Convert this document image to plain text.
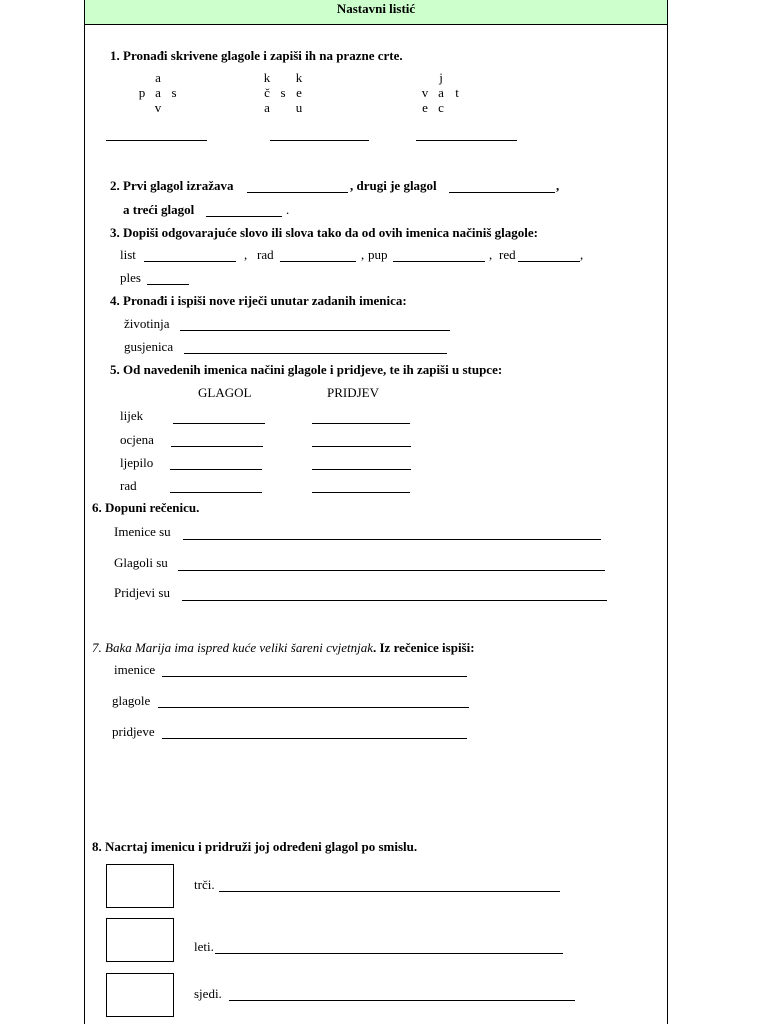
Nastavni listić
1. Pronađi skrivene glagole i zapiši ih na prazne crte.
a
p a s
v
k k
č s e
a u
j
v a t
e c
2. Prvi glagol izražava	, drugi je glagol	,
a treći glagol	.
3. Dopiši odgovarajuće slovo ili slova tako da od ovih imenica načiniš glagole:
list	, rad	, pup	, red	,
ples
4. Pronađi i ispiši nove riječi unutar zadanih imenica:
životinja
gusjenica
5. Od navedenih imenica načini glagole i pridjeve, te ih zapiši u stupce:
GLAGOL	PRIDJEV
lijek
ocjena
ljepilo
rad
6. Dopuni rečenicu.
Imenice su
Glagoli su
Pridjevi su
7. Baka Marija ima ispred kuće veliki šareni cvjetnjak. Iz rečenice ispiši:
imenice
glagole
pridjeve
8. Nacrtaj imenicu i pridruži joj određeni glagol po smislu.
trči.
leti.
sjedi.
